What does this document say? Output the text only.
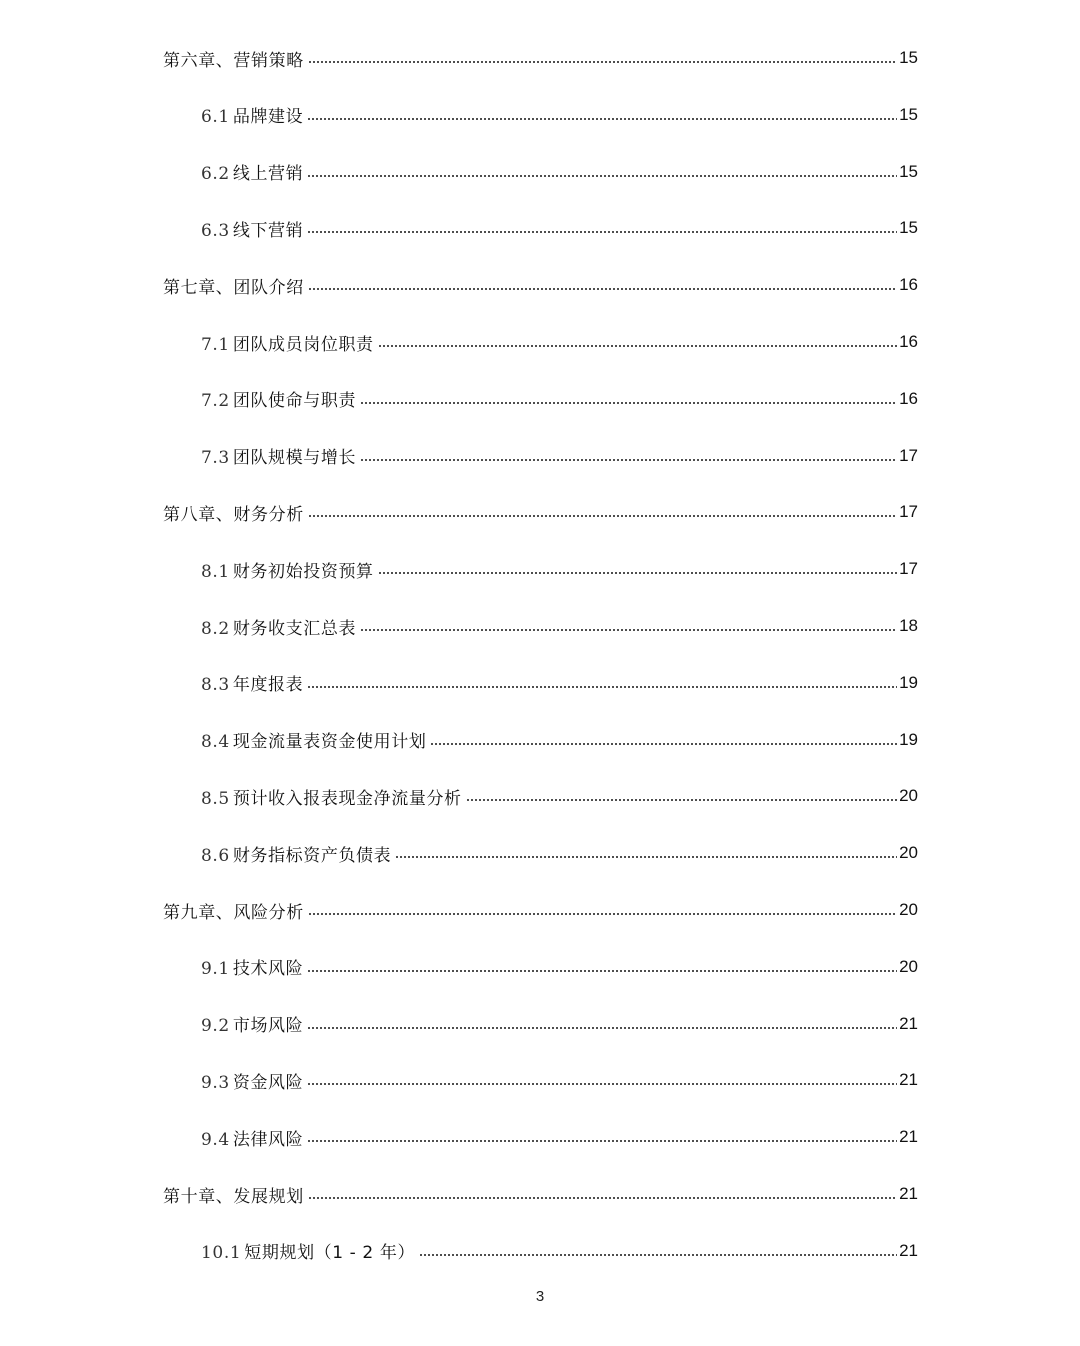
第六章、营销策略	15
6.1 品牌建设	15
6.2 线上营销	15
6.3 线下营销	15
第七章、团队介绍	16
7.1 团队成员岗位职责	16
7.2 团队使命与职责	16
7.3 团队规模与增长	17
第八章、财务分析	17
8.1 财务初始投资预算	17
8.2 财务收支汇总表	18
8.3 年度报表	19
8.4 现金流量表资金使用计划	19
8.5 预计收入报表现金净流量分析	20
8.6 财务指标资产负债表	20
第九章、风险分析	20
9.1 技术风险	20
9.2 市场风险	21
9.3 资金风险	21
9.4 法律风险	21
第十章、发展规划	21
10.1 短期规划（1 - 2 年）	21
3
